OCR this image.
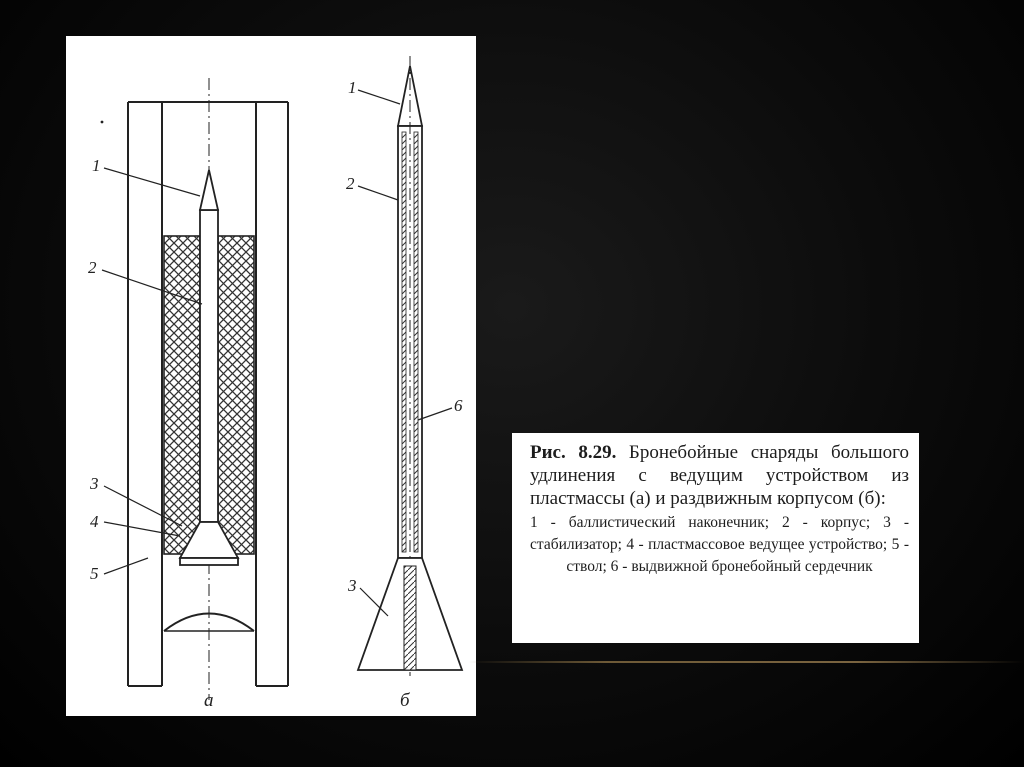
1
2
3
4
5
а
1
2
6
3
б
Рис. 8.29. Бронебойные снаряды большого удлинения с ведущим устройством из пластмассы (а) и раздвижным корпусом (б):
1 - баллистический наконечник; 2 - корпус; 3 - стабилизатор; 4 - пластмассовое ведущее устройство; 5 - ствол; 6 - выдвижной бронебойный сердечник
